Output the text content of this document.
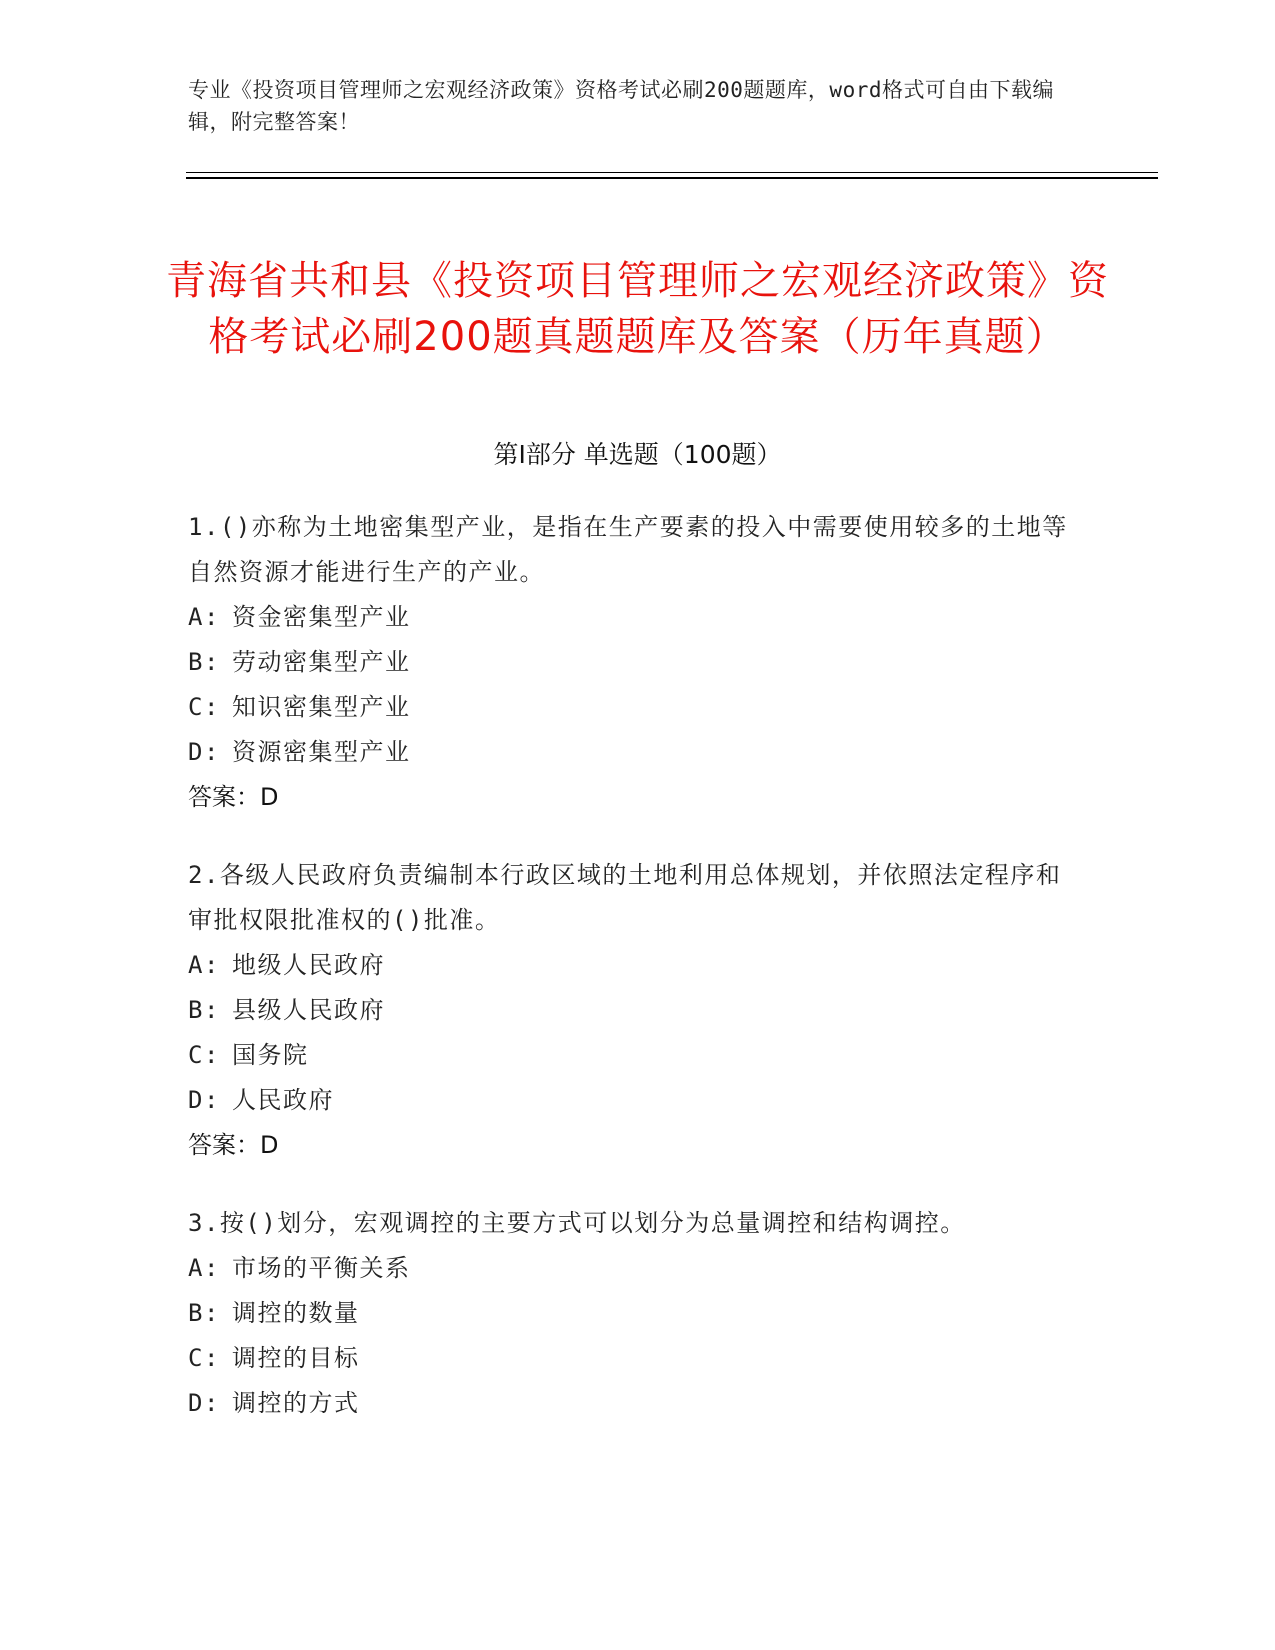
专业《投资项目管理师之宏观经济政策》资格考试必刷200题题库，word格式可自由下载编辑，附完整答案！
青海省共和县《投资项目管理师之宏观经济政策》资格考试必刷200题真题题库及答案（历年真题）
第Ⅰ部分 单选题（100题）
1.()亦称为土地密集型产业，是指在生产要素的投入中需要使用较多的土地等自然资源才能进行生产的产业。
A: 资金密集型产业
B: 劳动密集型产业
C: 知识密集型产业
D: 资源密集型产业
答案：D
2.各级人民政府负责编制本行政区域的土地利用总体规划，并依照法定程序和审批权限批准权的()批准。
A: 地级人民政府
B: 县级人民政府
C: 国务院
D: 人民政府
答案：D
3.按()划分，宏观调控的主要方式可以划分为总量调控和结构调控。
A: 市场的平衡关系
B: 调控的数量
C: 调控的目标
D: 调控的方式
